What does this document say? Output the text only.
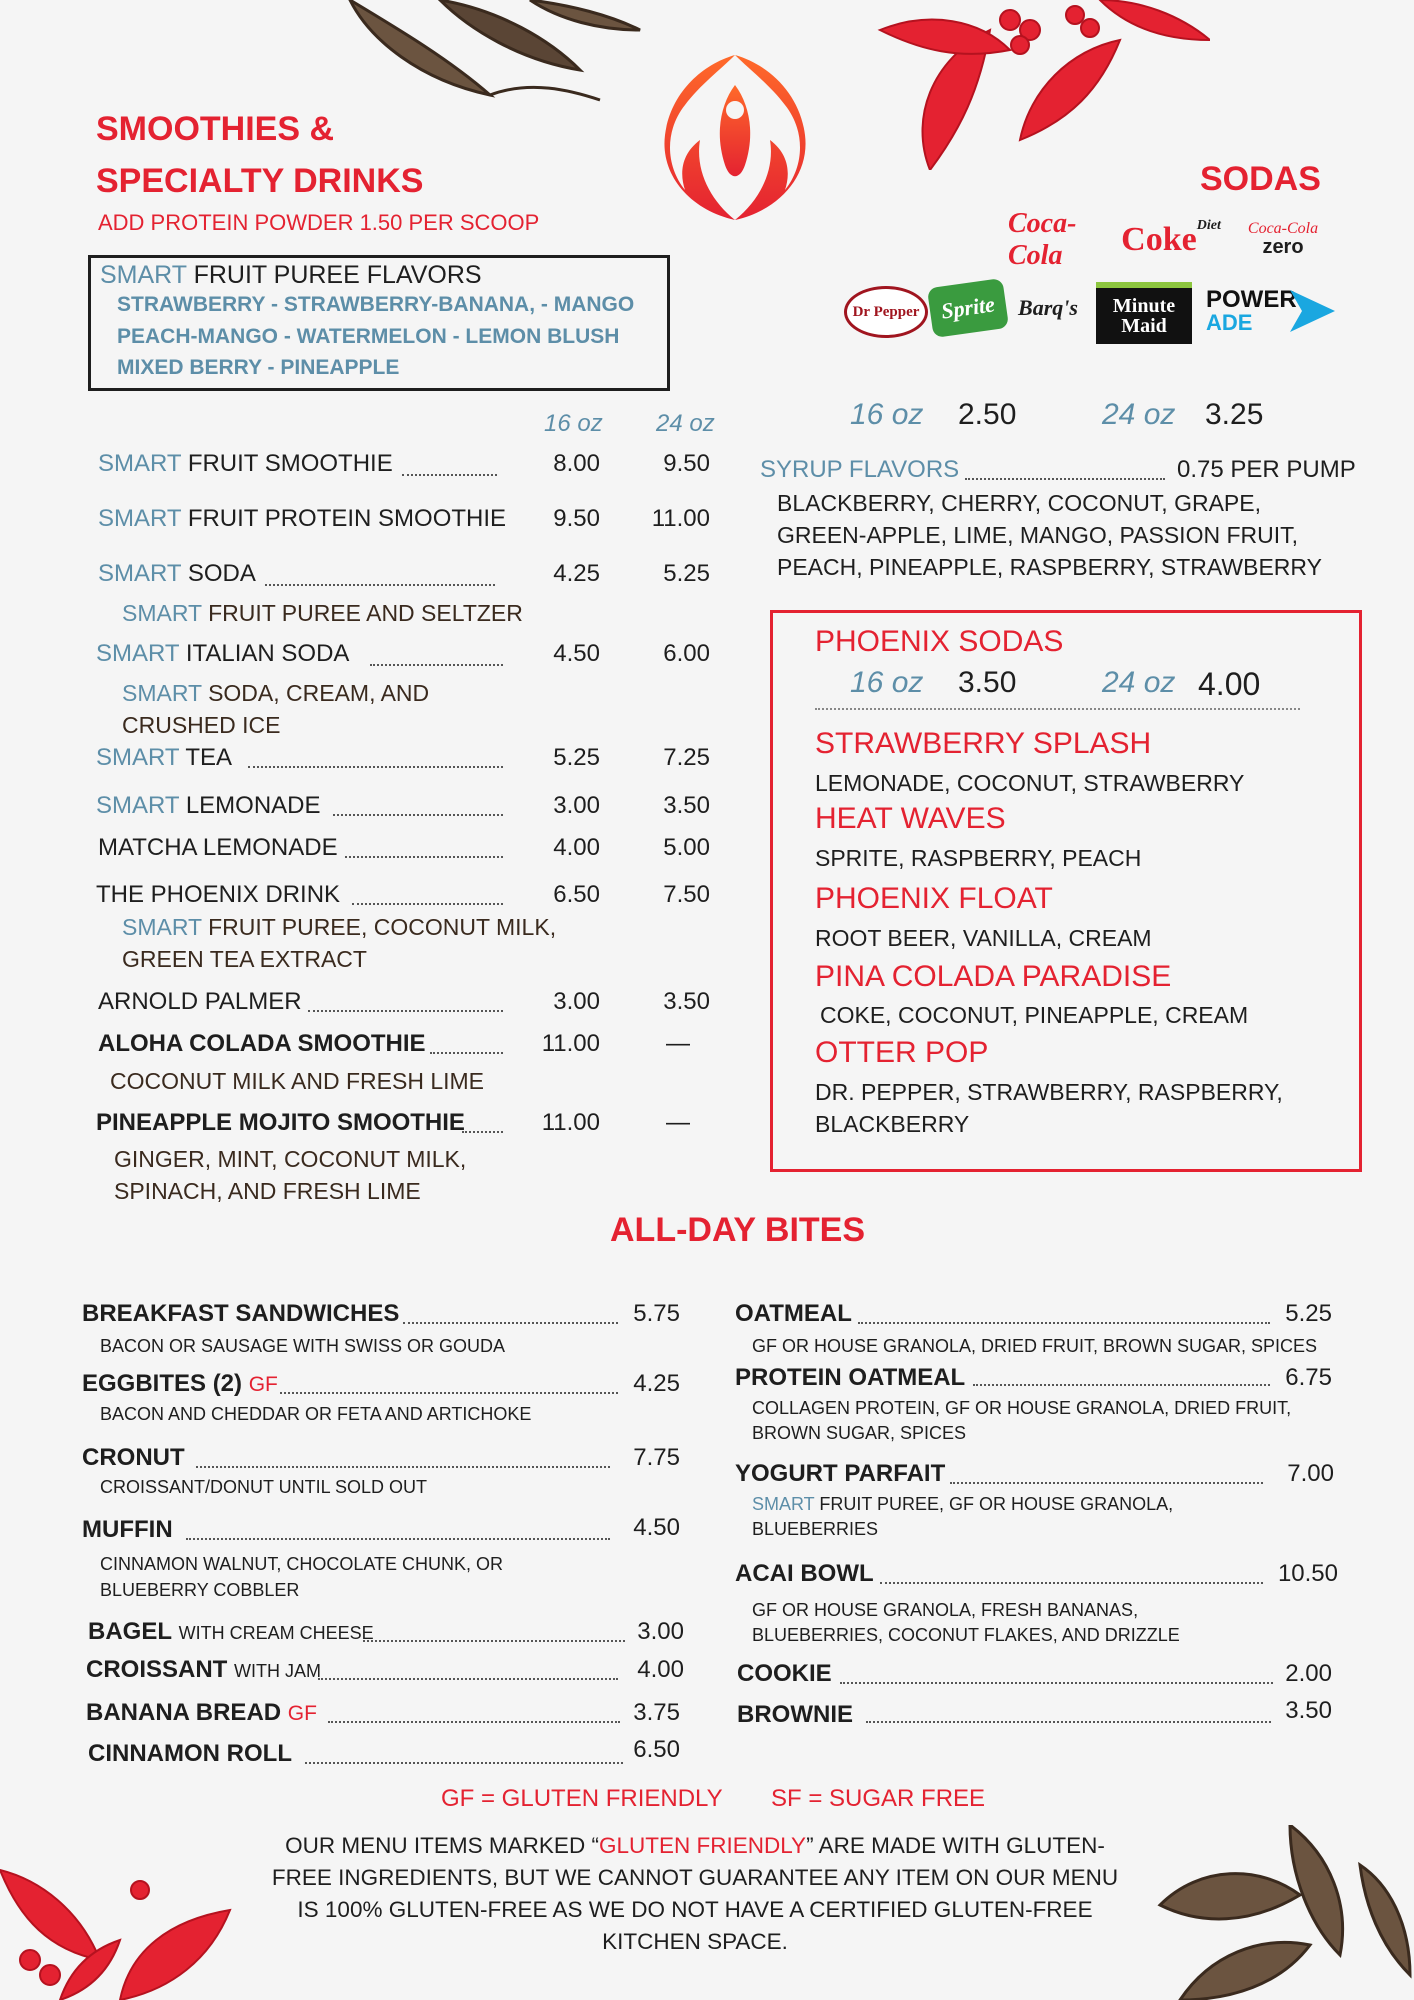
SMOOTHIES &
SPECIALTY DRINKS
ADD PROTEIN POWDER 1.50 PER SCOOP
SMART FRUIT PUREE FLAVORS
STRAWBERRY - STRAWBERRY-BANANA, - MANGO
PEACH-MANGO - WATERMELON - LEMON BLUSH
MIXED BERRY - PINEAPPLE
16 oz 24 oz
SMART FRUIT SMOOTHIE	8.00	9.50
SMART FRUIT PROTEIN SMOOTHIE	9.50 11.00
SMART SODA	4.25	5.25
SMART FRUIT PUREE AND SELTZER
SMART ITALIAN SODA	4.50	6.00
SMART SODA, CREAM, AND
CRUSHED ICE
SMART TEA	5.25	7.25
SMART LEMONADE	3.00	3.50
MATCHA LEMONADE	4.00	5.00
THE PHOENIX DRINK	6.50	7.50
SMART FRUIT PUREE, COCONUT MILK,
GREEN TEA EXTRACT
ARNOLD PALMER	3.00	3.50
ALOHA COLADA SMOOTHIE	11.00	—
COCONUT MILK AND FRESH LIME
PINEAPPLE MOJITO SMOOTHIE	11.00	—
GINGER, MINT, COCONUT MILK,
SPINACH, AND FRESH LIME
SODAS
Coca-Cola	Coke Diet Coca-Cola
zero
Dr Pepper Sprite Barq's	Minute
Maid
POWER
ADE
16 oz 2.50	24 oz 3.25
SYRUP FLAVORS	0.75 PER PUMP
BLACKBERRY, CHERRY, COCONUT, GRAPE,
GREEN-APPLE, LIME, MANGO, PASSION FRUIT,
PEACH, PINEAPPLE, RASPBERRY, STRAWBERRY
PHOENIX SODAS
16 oz 3.50	24 oz 4.00
STRAWBERRY SPLASH
LEMONADE, COCONUT, STRAWBERRY
HEAT WAVES
SPRITE, RASPBERRY, PEACH
PHOENIX FLOAT
ROOT BEER, VANILLA, CREAM
PINA COLADA PARADISE
COKE, COCONUT, PINEAPPLE, CREAM
OTTER POP
DR. PEPPER, STRAWBERRY, RASPBERRY,
BLACKBERRY
ALL-DAY BITES
BREAKFAST SANDWICHES	5.75
BACON OR SAUSAGE WITH SWISS OR GOUDA
EGGBITES (2) GF	4.25
BACON AND CHEDDAR OR FETA AND ARTICHOKE
CRONUT	7.75
CROISSANT/DONUT UNTIL SOLD OUT
MUFFIN	4.50
CINNAMON WALNUT, CHOCOLATE CHUNK, OR
BLUEBERRY COBBLER
BAGEL WITH CREAM CHEESE	3.00
CROISSANT WITH JAM	4.00
BANANA BREAD GF	3.75
CINNAMON ROLL	6.50
OATMEAL	5.25
GF OR HOUSE GRANOLA, DRIED FRUIT, BROWN SUGAR, SPICES
PROTEIN OATMEAL	6.75
COLLAGEN PROTEIN, GF OR HOUSE GRANOLA, DRIED FRUIT,
BROWN SUGAR, SPICES
YOGURT PARFAIT	7.00
SMART FRUIT PUREE, GF OR HOUSE GRANOLA,
BLUEBERRIES
ACAI BOWL	10.50
GF OR HOUSE GRANOLA, FRESH BANANAS,
BLUEBERRIES, COCONUT FLAKES, AND DRIZZLE
COOKIE	2.00
BROWNIE	3.50
GF = GLUTEN FRIENDLY SF = SUGAR FREE
OUR MENU ITEMS MARKED “GLUTEN FRIENDLY” ARE MADE WITH GLUTEN-
FREE INGREDIENTS, BUT WE CANNOT GUARANTEE ANY ITEM ON OUR MENU
IS 100% GLUTEN-FREE AS WE DO NOT HAVE A CERTIFIED GLUTEN-FREE
KITCHEN SPACE.
